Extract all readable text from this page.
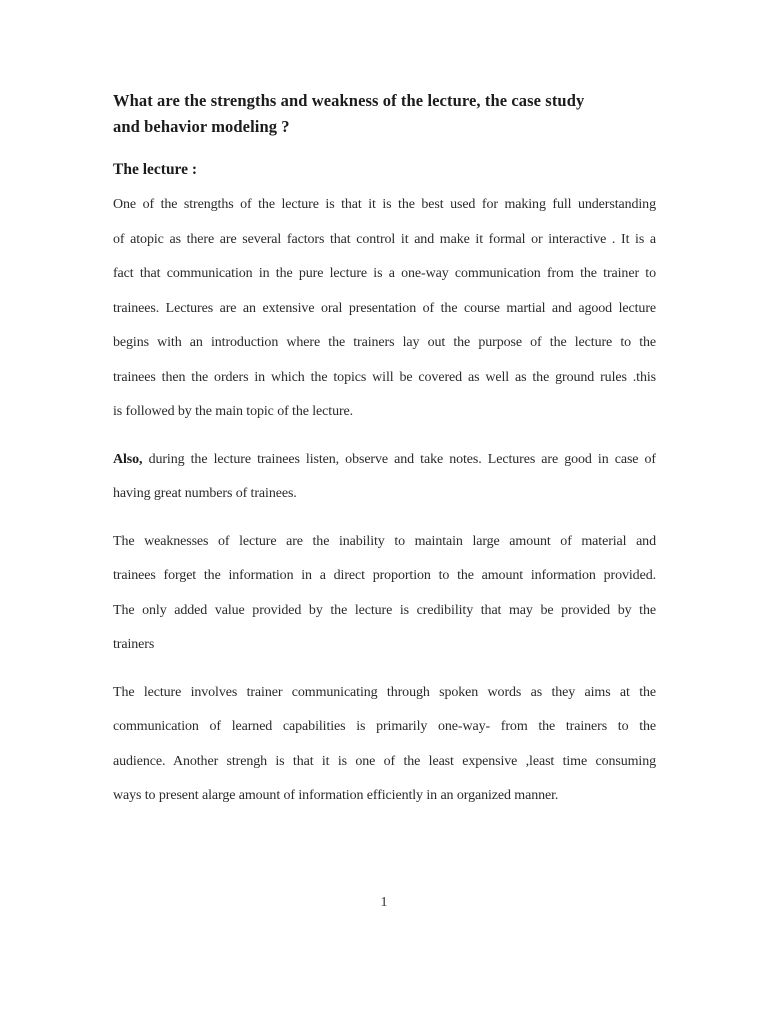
What are the strengths and weakness of the lecture, the case study
and behavior modeling ?
The lecture :
One of the strengths of the lecture is that it is the best used for making full understanding
of atopic as there are several factors that control it and make it formal or interactive . It is a
fact that communication in the pure lecture is a one-way communication from the trainer to
trainees. Lectures are an extensive oral presentation of the course martial and agood lecture
begins with an introduction where the trainers lay out the purpose of the lecture to the
trainees then the orders in which the topics will be covered as well as the ground rules .this
is followed by the main topic of the lecture.
Also, during the lecture trainees listen, observe and take notes. Lectures are good in case of
having great numbers of trainees.
The weaknesses of lecture are the inability to maintain large amount of material and
trainees forget the information in a direct proportion to the amount information provided.
The only added value provided by the lecture is credibility that may be provided by the
trainers
The lecture involves trainer communicating through spoken words as they aims at the
communication of learned capabilities is primarily one-way- from the trainers to the
audience. Another strengh is that it is one of the least expensive ,least time consuming
ways to present alarge amount of information efficiently in an organized manner.
1
